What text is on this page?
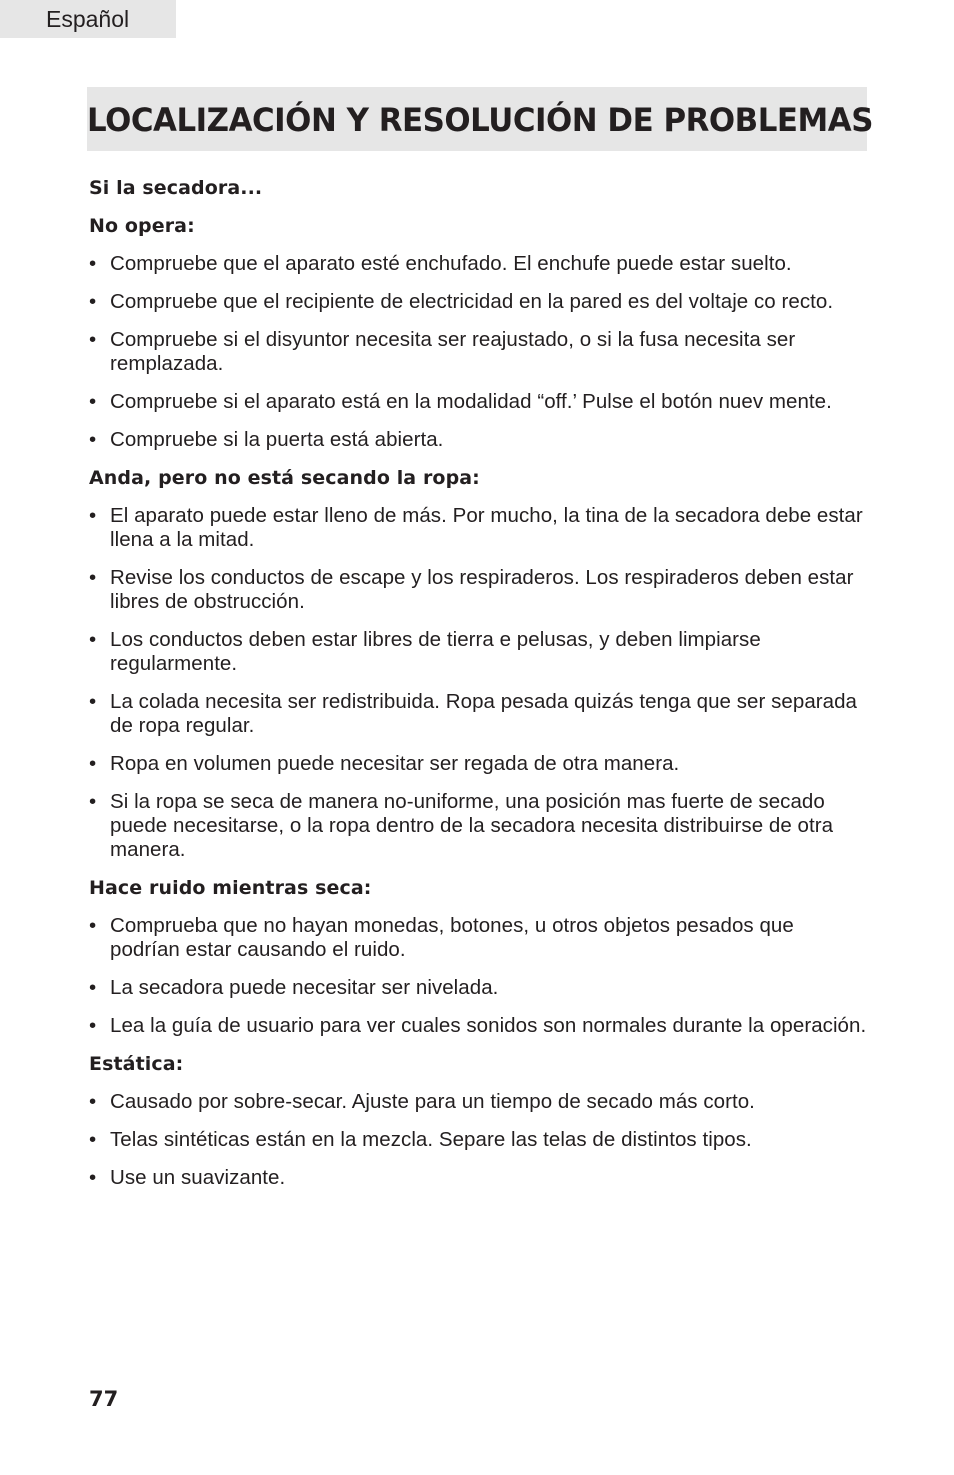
Español
LOCALIZACIÓN Y RESOLUCIÓN DE PROBLEMAS
Si la secadora...
No opera:
• Compruebe que el aparato esté enchufado. El enchufe puede estar suelto.
• Compruebe que el recipiente de electricidad en la pared es del voltaje co recto.
• Compruebe si el disyuntor necesita ser reajustado, o si la fusa necesita ser remplazada.
• Compruebe si el aparato está en la modalidad “off.’ Pulse el botón nuev mente.
• Compruebe si la puerta está abierta.
Anda, pero no está secando la ropa:
• El aparato puede estar lleno de más. Por mucho, la tina de la secadora debe estar llena a la mitad.
• Revise los conductos de escape y los respiraderos. Los respiraderos deben estar libres de obstrucción.
• Los conductos deben estar libres de tierra e pelusas, y deben limpiarse regularmente.
• La colada necesita ser redistribuida. Ropa pesada quizás tenga que ser separada de ropa regular.
• Ropa en volumen puede necesitar ser regada de otra manera.
• Si la ropa se seca de manera no-uniforme, una posición mas fuerte de secado puede necesitarse, o la ropa dentro de la secadora necesita distribuirse de otra manera.
Hace ruido mientras seca:
• Comprueba que no hayan monedas, botones, u otros objetos pesados que podrían estar causando el ruido.
• La secadora puede necesitar ser nivelada.
• Lea la guía de usuario para ver cuales sonidos son normales durante la operación.
Estática:
• Causado por sobre-secar. Ajuste para un tiempo de secado más corto.
• Telas sintéticas están en la mezcla. Separe las telas de distintos tipos.
• Use un suavizante.
77
